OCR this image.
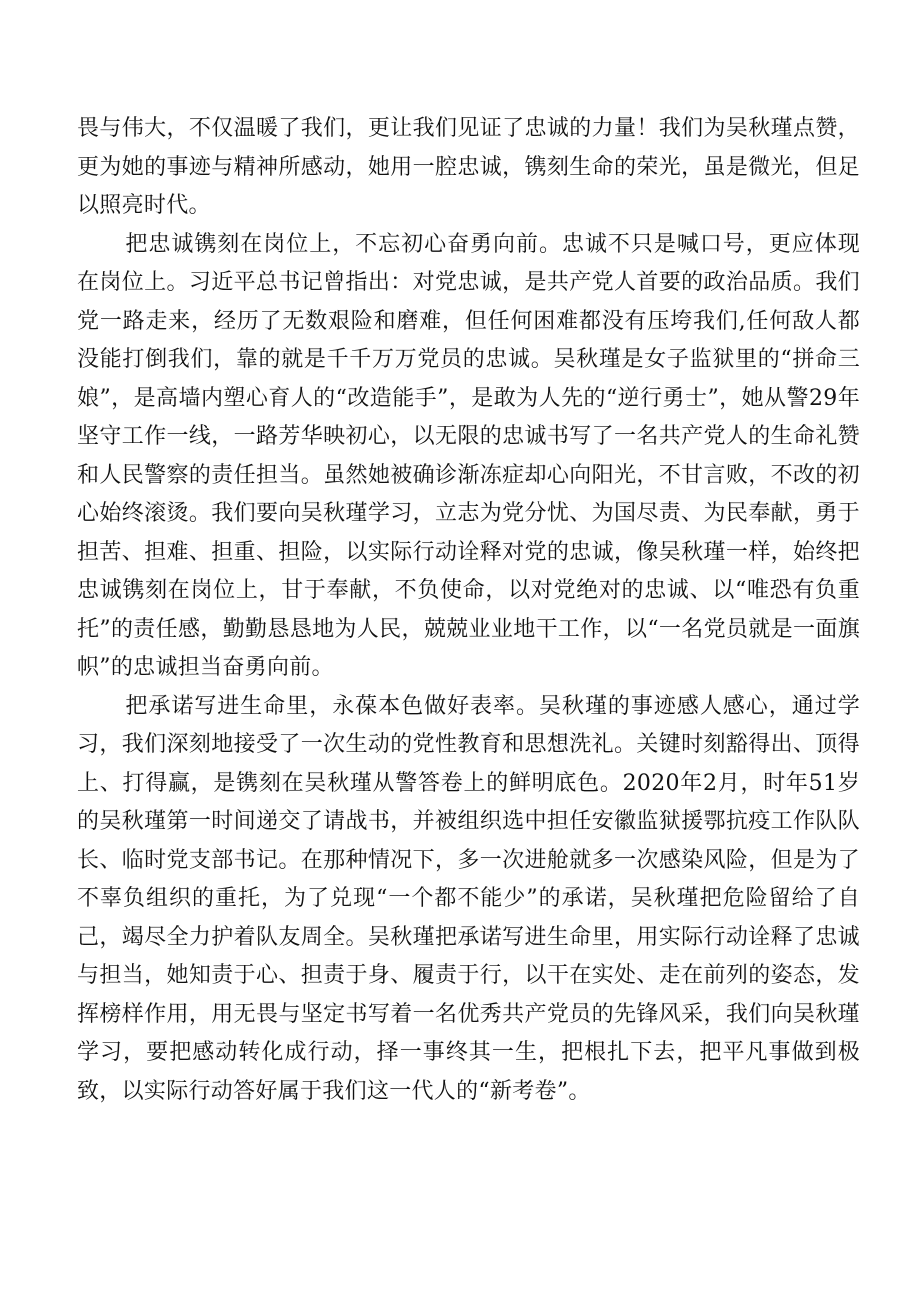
畏与伟大，不仅温暖了我们，更让我们见证了忠诚的力量！我们为吴秋瑾点赞，更为她的事迹与精神所感动，她用一腔忠诚，镌刻生命的荣光，虽是微光，但足以照亮时代。

把忠诚镌刻在岗位上，不忘初心奋勇向前。忠诚不只是喊口号，更应体现在岗位上。习近平总书记曾指出：对党忠诚，是共产党人首要的政治品质。我们党一路走来，经历了无数艰险和磨难，但任何困难都没有压垮我们,任何敌人都没能打倒我们，靠的就是千千万万党员的忠诚。吴秋瑾是女子监狱里的“拼命三娘”，是高墙内塑心育人的“改造能手”，是敢为人先的“逆行勇士”，她从警29年坚守工作一线，一路芳华映初心，以无限的忠诚书写了一名共产党人的生命礼赞和人民警察的责任担当。虽然她被确诊渐冻症却心向阳光，不甘言败，不改的初心始终滚烫。我们要向吴秋瑾学习，立志为党分忧、为国尽责、为民奉献，勇于担苦、担难、担重、担险，以实际行动诠释对党的忠诚，像吴秋瑾一样，始终把忠诚镌刻在岗位上，甘于奉献，不负使命，以对党绝对的忠诚、以“唯恐有负重托”的责任感，勤勤恳恳地为人民，兢兢业业地干工作，以“一名党员就是一面旗帜”的忠诚担当奋勇向前。

把承诺写进生命里，永葆本色做好表率。吴秋瑾的事迹感人感心，通过学习，我们深刻地接受了一次生动的党性教育和思想洗礼。关键时刻豁得出、顶得上、打得赢，是镌刻在吴秋瑾从警答卷上的鲜明底色。2020年2月，时年51岁的吴秋瑾第一时间递交了请战书，并被组织选中担任安徽监狱援鄂抗疫工作队队长、临时党支部书记。在那种情况下，多一次进舱就多一次感染风险，但是为了不辜负组织的重托，为了兑现“一个都不能少”的承诺，吴秋瑾把危险留给了自己，竭尽全力护着队友周全。吴秋瑾把承诺写进生命里，用实际行动诠释了忠诚与担当，她知责于心、担责于身、履责于行，以干在实处、走在前列的姿态，发挥榜样作用，用无畏与坚定书写着一名优秀共产党员的先锋风采，我们向吴秋瑾学习，要把感动转化成行动，择一事终其一生，把根扎下去，把平凡事做到极致，以实际行动答好属于我们这一代人的“新考卷”。
